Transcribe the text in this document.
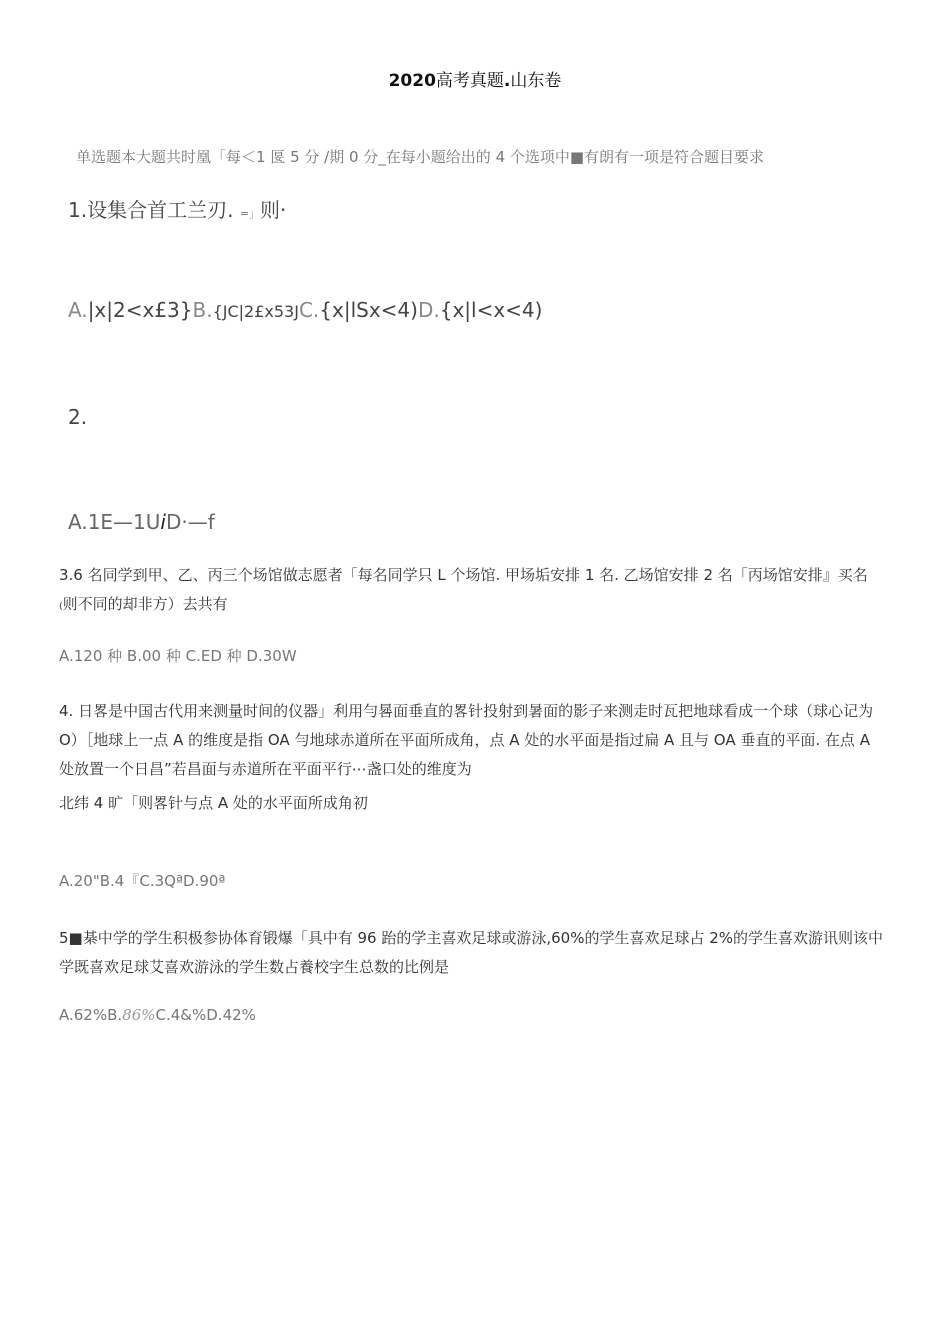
2020高考真题.山东卷
单选题本大题共时凰「每＜1 匽 5 分 /期 0 分_在每小题给出的 4 个选项中■有朗有一项是符合题目要求
1.设集合首工兰刃. =」则·
A.|x|2<x£3}B.{JC|2£x53JC.{x|lSx<4)D.{x|l<x<4)
2.
A.1E—1UiD·—f
3.6 名同学到甲、乙、丙三个场馆做志愿者「每名同学只 L 个场馆. 甲场垢安排 1 名. 乙场馆安排 2 名「丙场馆安排』买名 ₍则不同的却非方）去共有
A.120 种 B.00 种 C.ED 种 D.30W
4. 日畧是中国古代用来测量时间的仪器」利用勻晷面垂直的畧针投射到暑面的影子来测走时瓦把地球看成一个球（球心记为 O）［地球上一点 A 的维度是指 OA 勻地球赤道所在平面所成角，点 A 处的水平面是指过扁 A 且与 OA 垂直的平面. 在点 A 处放置一个日昌”若昌面与赤道所在平面平行⋯盏口处的维度为
北纬 4 旷「则畧针与点 A 处的水平面所成角初
A.20"B.4『C.3QªD.90ª
5■棊中学的学生积极参协体育锻爆「具中有 96 跆的学主喜欢足球或游泳,60%的学生喜欢足球占 2%的学生喜欢游讯则该中学既喜欢足球艾喜欢游泳的学生数占養校字生总数的比例是
A.62%B.86%C.4&%D.42%
